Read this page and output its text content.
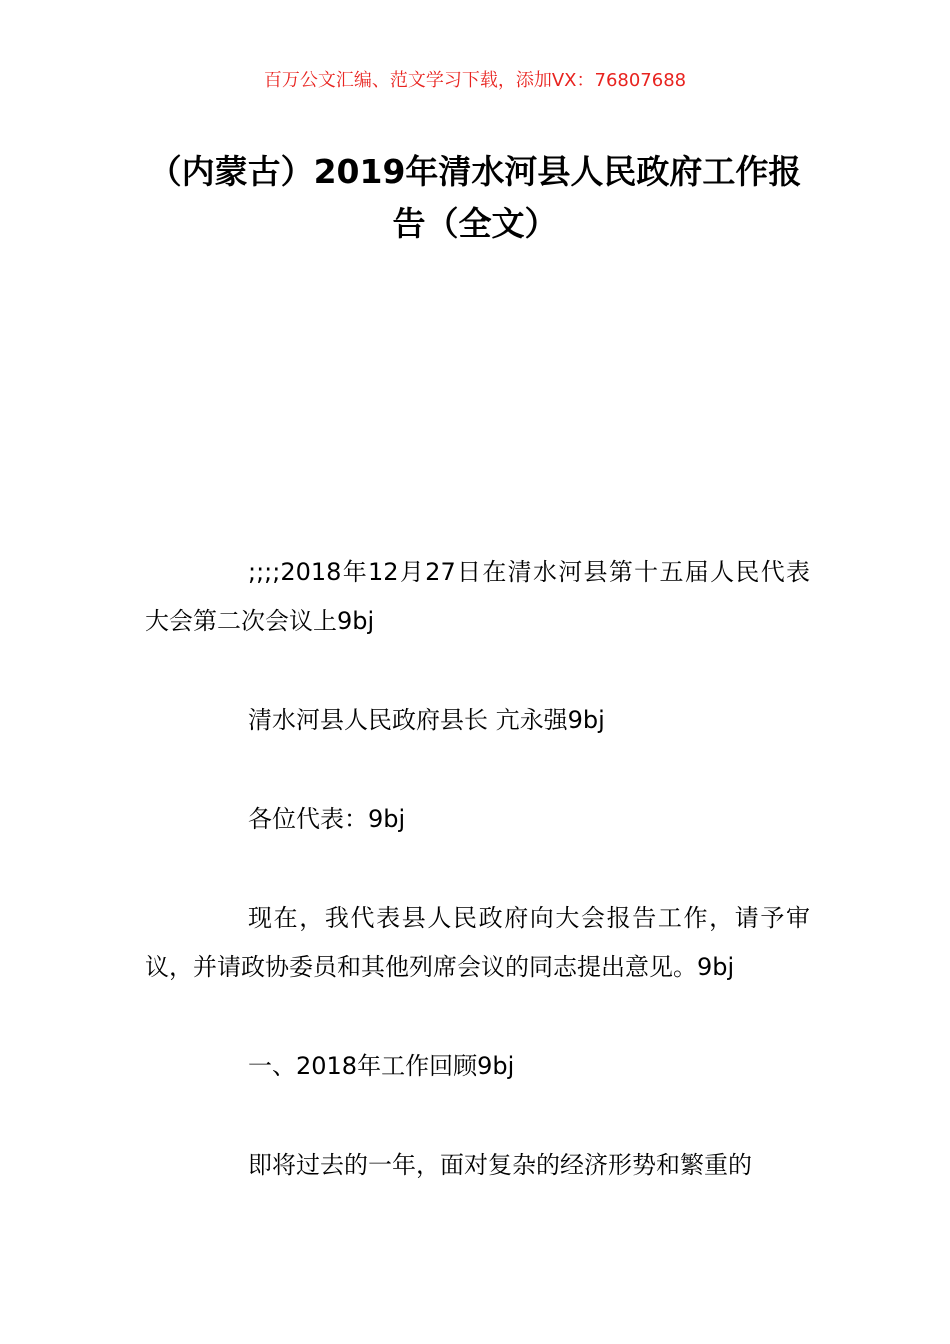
百万公文汇编、范文学习下载，添加VX：76807688
（内蒙古）2019年清水河县人民政府工作报告（全文）

;;;;2018年12月27日在清水河县第十五届人民代表大会第二次会议上9bj

清水河县人民政府县长 亢永强9bj

各位代表：9bj

现在，我代表县人民政府向大会报告工作，请予审议，并请政协委员和其他列席会议的同志提出意见。9bj

一、2018年工作回顾9bj

即将过去的一年，面对复杂的经济形势和繁重的
